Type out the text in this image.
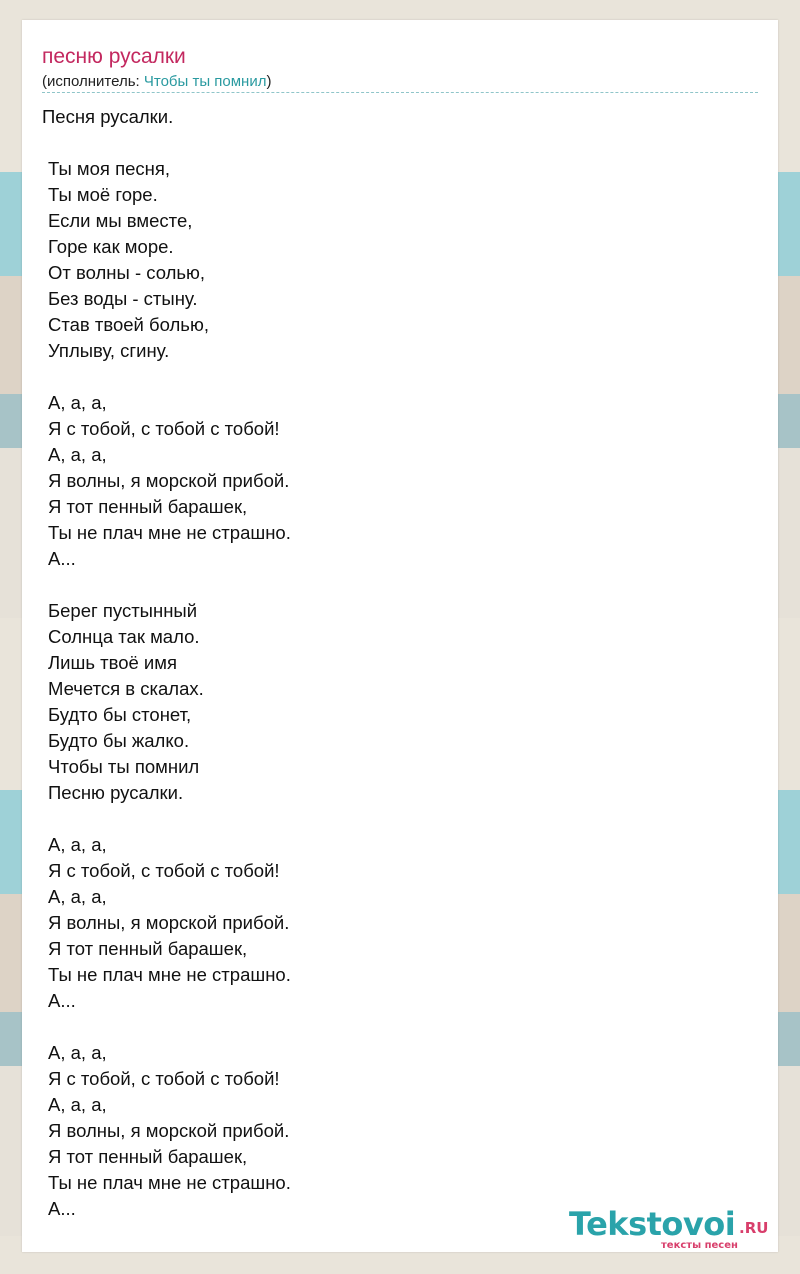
песню русалки
(исполнитель: Чтобы ты помнил)
Песня русалки.
Ты моя песня,
Ты моё горе.
Если мы вместе,
Горе как море.
От волны - солью,
Без воды - стыну.
Став твоей болью,
Уплыву, сгину.
А, а, а,
Я с тобой, с тобой с тобой!
А, а, а,
Я волны, я морской прибой.
Я тот пенный барашек,
Ты не плач мне не страшно.
А...
Берег пустынный
Солнца так мало.
Лишь твоё имя
Мечется в скалах.
Будто бы стонет,
Будто бы жалко.
Чтобы ты помнил
Песню русалки.
А, а, а,
Я с тобой, с тобой с тобой!
А, а, а,
Я волны, я морской прибой.
Я тот пенный барашек,
Ты не плач мне не страшно.
А...
А, а, а,
Я с тобой, с тобой с тобой!
А, а, а,
Я волны, я морской прибой.
Я тот пенный барашек,
Ты не плач мне не страшно.
А...	Tekstovoi .RU
тексты песен
